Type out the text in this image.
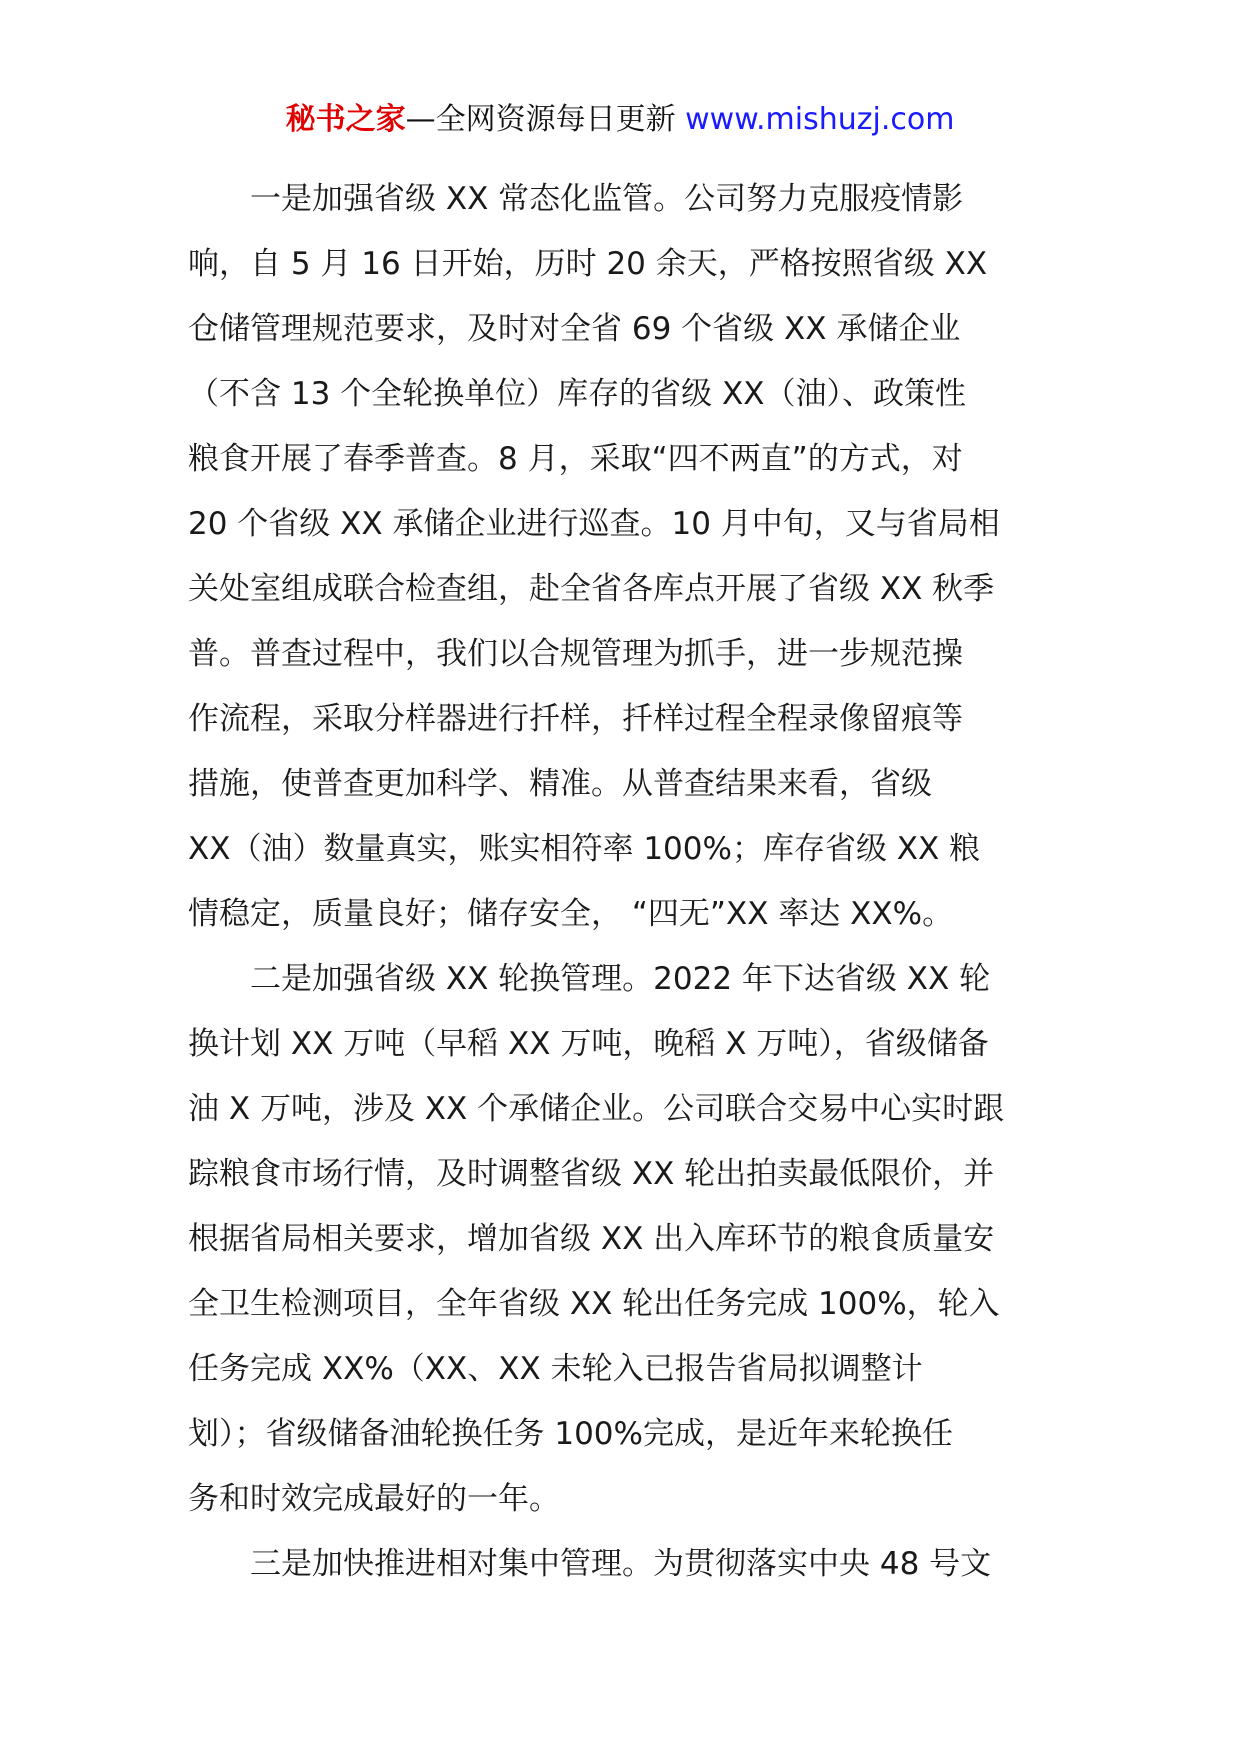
秘书之家—全网资源每日更新 www.mishuzj.com
一是加强省级 XX 常态化监管。公司努力克服疫情影
响，自 5 月 16 日开始，历时 20 余天，严格按照省级 XX
仓储管理规范要求，及时对全省 69 个省级 XX 承储企业
（不含 13 个全轮换单位）库存的省级 XX（油）、政策性
粮食开展了春季普查。8 月，采取“四不两直”的方式，对
20 个省级 XX 承储企业进行巡查。10 月中旬，又与省局相
关处室组成联合检查组，赴全省各库点开展了省级 XX 秋季
普。普查过程中，我们以合规管理为抓手，进一步规范操
作流程，采取分样器进行扦样，扦样过程全程录像留痕等
措施，使普查更加科学、精准。从普查结果来看，省级
XX（油）数量真实，账实相符率 100%；库存省级 XX 粮
情稳定，质量良好；储存安全， “四无”XX 率达 XX%。
二是加强省级 XX 轮换管理。2022 年下达省级 XX 轮
换计划 XX 万吨（早稻 XX 万吨，晚稻 X 万吨），省级储备
油 X 万吨，涉及 XX 个承储企业。公司联合交易中心实时跟
踪粮食市场行情，及时调整省级 XX 轮出拍卖最低限价，并
根据省局相关要求，增加省级 XX 出入库环节的粮食质量安
全卫生检测项目，全年省级 XX 轮出任务完成 100%，轮入
任务完成 XX%（XX、XX 未轮入已报告省局拟调整计
划）；省级储备油轮换任务 100%完成，是近年来轮换任
务和时效完成最好的一年。
三是加快推进相对集中管理。为贯彻落实中央 48 号文
